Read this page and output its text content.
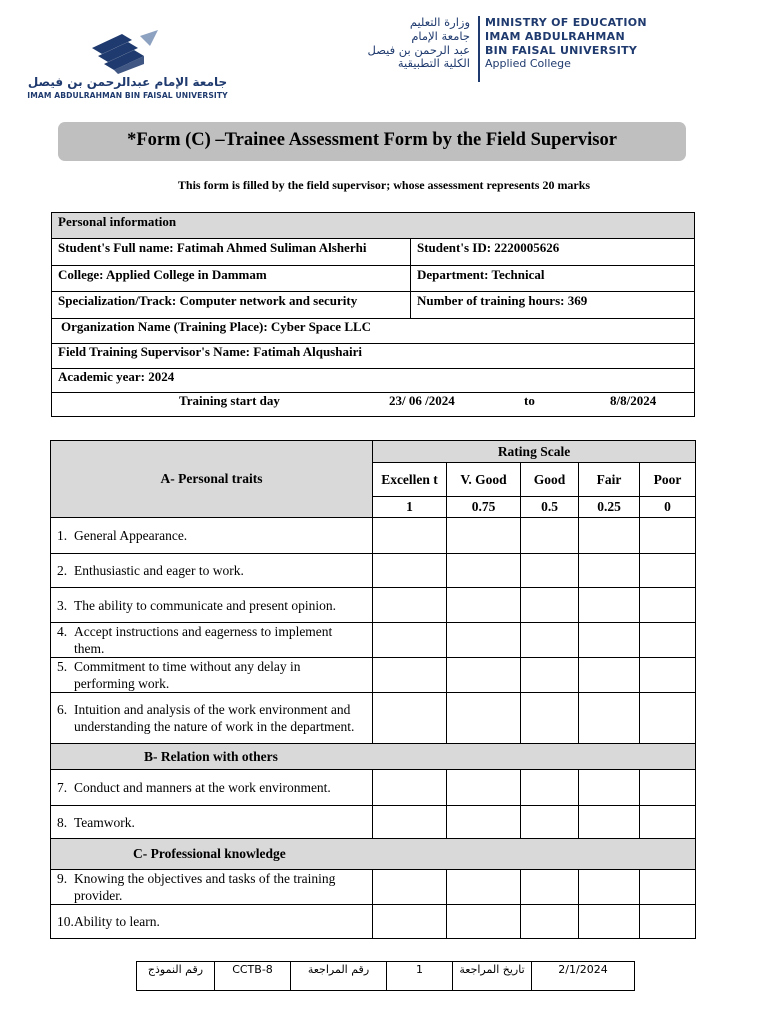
جامعة الإمام عبدالرحمن بن فيصل
IMAM ABDULRAHMAN BIN FAISAL UNIVERSITY
وزارة التعليم
جامعة الإمام
عبد الرحمن بن فيصل
الكلية التطبيقية
MINISTRY OF EDUCATION
IMAM ABDULRAHMAN
BIN FAISAL UNIVERSITY
Applied College
*Form (C) –Trainee Assessment Form by the Field Supervisor
This form is filled by the field supervisor; whose assessment represents 20 marks
Personal information
Student's Full name: Fatimah Ahmed Suliman Alsherhi	Student's ID: 2220005626
College: Applied College in Dammam	Department: Technical
Specialization/Track: Computer network and security	Number of training hours: 369
Organization Name (Training Place): Cyber Space LLC
Field Training Supervisor's Name: Fatimah Alqushairi
Academic year: 2024
Training start day	23/ 06 /2024	to	8/8/2024
A- Personal traits	Rating Scale				
	Excellen t	V. Good	Good	Fair	Poor
	1	0.75	0.5	0.25	0
1. General Appearance.					
2. Enthusiastic and eager to work.					
3. The ability to communicate and present opinion.					
4. Accept instructions and eagerness to implement them.					
5. Commitment to time without any delay in performing work.					
6. Intuition and analysis of the work environment and understanding the nature of work in the department.					
B- Relation with others					
7. Conduct and manners at the work environment.					
8. Teamwork.					
C- Professional knowledge					
9. Knowing the objectives and tasks of the training provider.					
10.Ability to learn.					
رقم النموذج	CCTB-8	رقم المراجعة	1	تاريخ المراجعة	2/1/2024
